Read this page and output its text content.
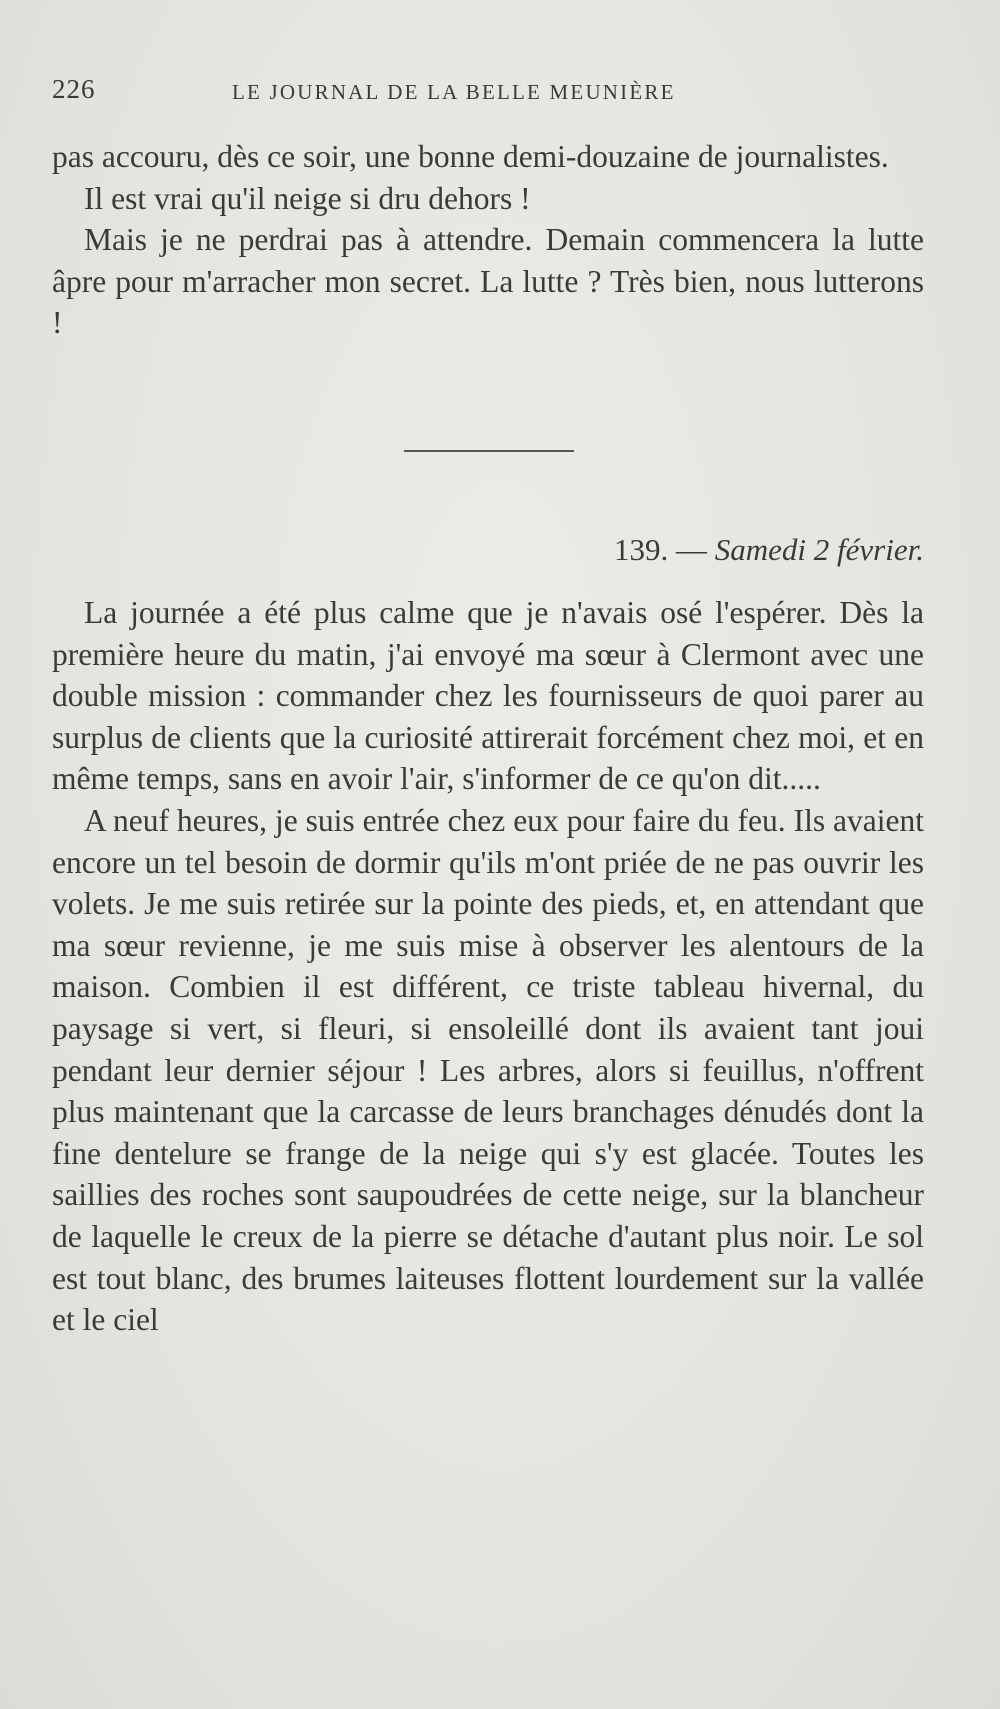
226	LE JOURNAL DE LA BELLE MEUNIÈRE

pas accouru, dès ce soir, une bonne demi-douzaine de journalistes.

Il est vrai qu'il neige si dru dehors !

Mais je ne perdrai pas à attendre. Demain commencera la lutte âpre pour m'arracher mon secret. La lutte ? Très bien, nous lutterons !

139. — Samedi 2 février.

La journée a été plus calme que je n'avais osé l'espérer. Dès la première heure du matin, j'ai envoyé ma sœur à Clermont avec une double mission : commander chez les fournisseurs de quoi parer au surplus de clients que la curiosité attirerait forcément chez moi, et en même temps, sans en avoir l'air, s'informer de ce qu'on dit.....

A neuf heures, je suis entrée chez eux pour faire du feu. Ils avaient encore un tel besoin de dormir qu'ils m'ont priée de ne pas ouvrir les volets. Je me suis retirée sur la pointe des pieds, et, en attendant que ma sœur revienne, je me suis mise à observer les alentours de la maison. Combien il est différent, ce triste tableau hivernal, du paysage si vert, si fleuri, si ensoleillé dont ils avaient tant joui pendant leur dernier séjour ! Les arbres, alors si feuillus, n'offrent plus maintenant que la carcasse de leurs branchages dénudés dont la fine dentelure se frange de la neige qui s'y est glacée. Toutes les saillies des roches sont saupoudrées de cette neige, sur la blancheur de laquelle le creux de la pierre se détache d'autant plus noir. Le sol est tout blanc, des brumes laiteuses flottent lourdement sur la vallée et le ciel
